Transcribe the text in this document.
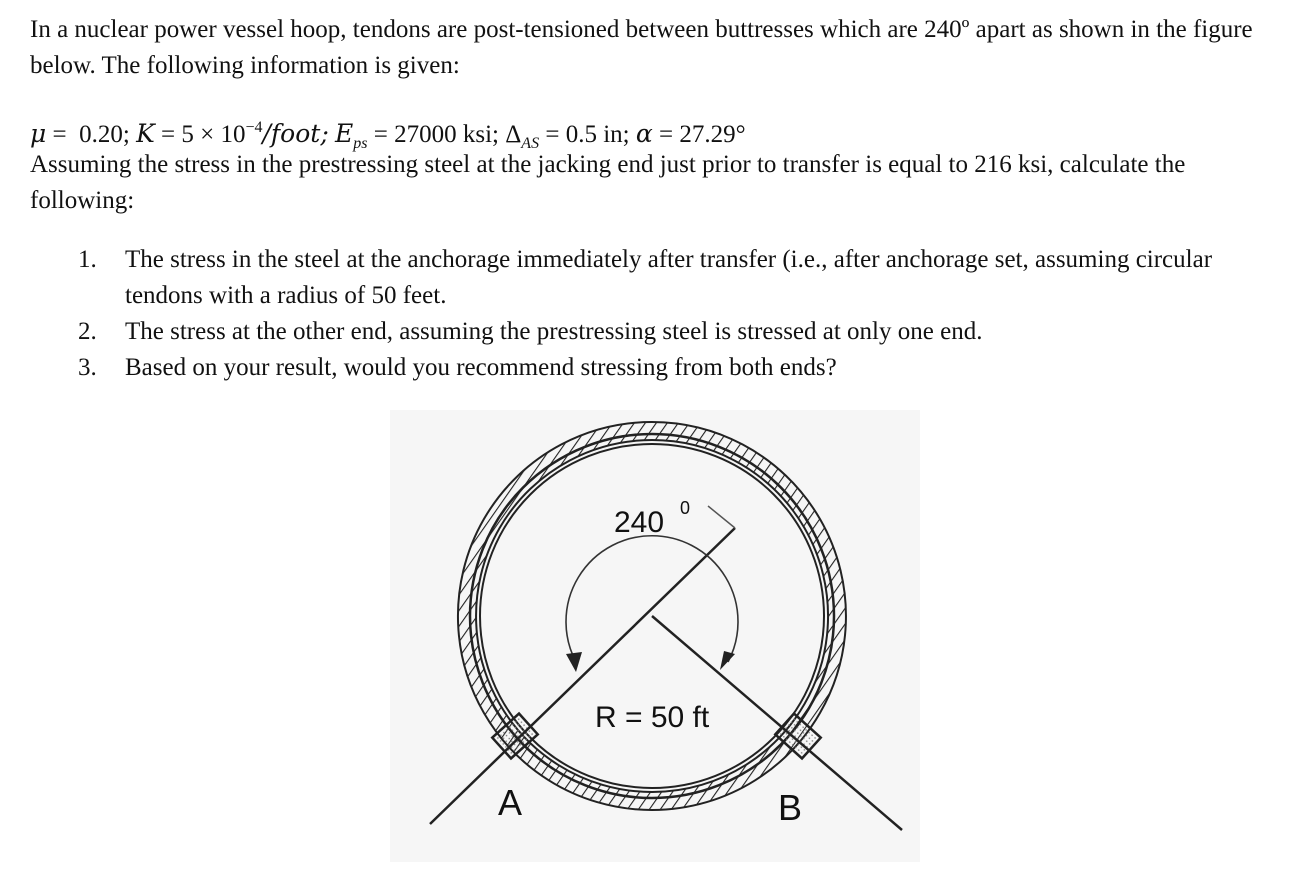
In a nuclear power vessel hoop, tendons are post-tensioned between buttresses which are 240º apart as shown in the figure below. The following information is given:

μ =  0.20; $K = 5 \times 10^{-4}$/foot; $E_{ps} = 27000$ ksi; $\Delta_{AS} = 0.5$ in; α = 27.29°

Assuming the stress in the prestressing steel at the jacking end just prior to transfer is equal to 216 ksi, calculate the following:

1.	The stress in the steel at the anchorage immediately after transfer (i.e., after anchorage set, assuming circular tendons with a radius of 50 feet.
2.	The stress at the other end, assuming the prestressing steel is stressed at only one end.
3.	Based on your result, would you recommend stressing from both ends?
240 0
R = 50 ft
A	B
